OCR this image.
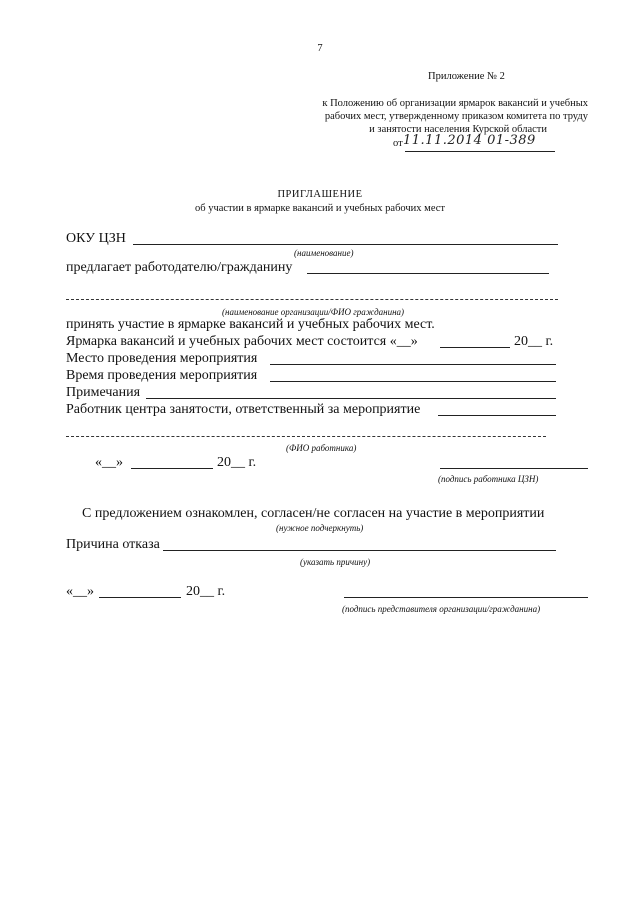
7
Приложение № 2
к Положению об организации ярмарок вакансий и учебных
рабочих мест, утвержденному приказом комитета по труду
и занятости населения Курской области
от 11.11.2014 01-389
ПРИГЛАШЕНИЕ
об участии в ярмарке вакансий и учебных рабочих мест
ОКУ ЦЗН
(наименование)
предлагает работодателю/гражданину
(наименование организации/ФИО гражданина)
принять участие в ярмарке вакансий и учебных рабочих мест.
Ярмарка вакансий и учебных рабочих мест состоится «__»	20__ г.
Место проведения мероприятия
Время проведения мероприятия
Примечания
Работник центра занятости, ответственный за мероприятие
(ФИО работника)
«__»	20__ г.
(подпись работника ЦЗН)
С предложением ознакомлен, согласен/не согласен на участие в мероприятии
(нужное подчеркнуть)
Причина отказа
(указать причину)
«__»	20__ г.
(подпись представителя организации/гражданина)
